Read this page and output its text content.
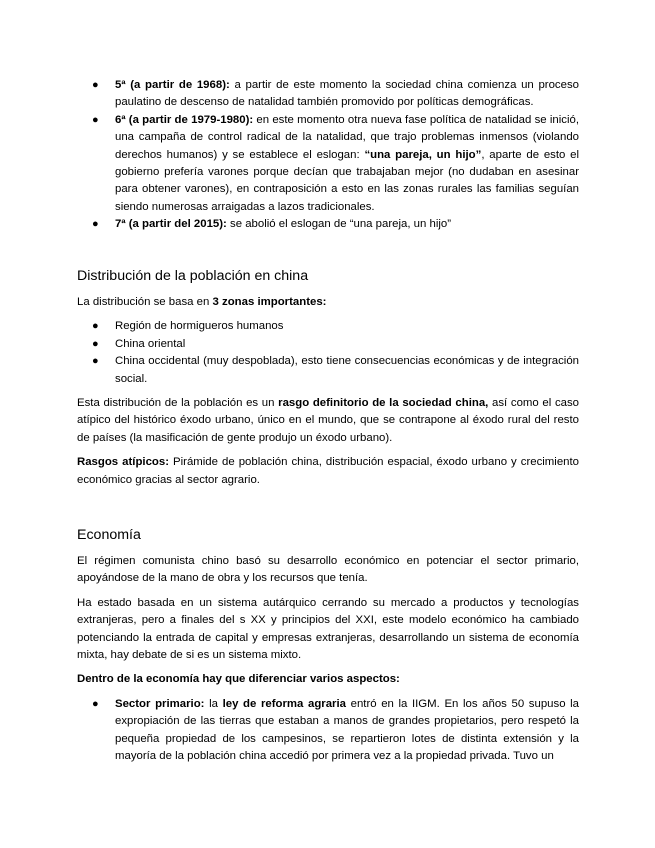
● 5ª (a partir de 1968): a partir de este momento la sociedad china comienza un proceso paulatino de descenso de natalidad también promovido por políticas demográficas.
● 6ª (a partir de 1979-1980): en este momento otra nueva fase política de natalidad se inició, una campaña de control radical de la natalidad, que trajo problemas inmensos (violando derechos humanos) y se establece el eslogan: “una pareja, un hijo”, aparte de esto el gobierno prefería varones porque decían que trabajaban mejor (no dudaban en asesinar para obtener varones), en contraposición a esto en las zonas rurales las familias seguían siendo numerosas arraigadas a lazos tradicionales.
● 7ª (a partir del 2015): se abolió el eslogan de “una pareja, un hijo”
Distribución de la población en china

La distribución se basa en 3 zonas importantes:

● Región de hormigueros humanos
● China oriental
● China occidental (muy despoblada), esto tiene consecuencias económicas y de integración social.

Esta distribución de la población es un rasgo definitorio de la sociedad china, así como el caso atípico del histórico éxodo urbano, único en el mundo, que se contrapone al éxodo rural del resto de países (la masificación de gente produjo un éxodo urbano).

Rasgos atípicos: Pirámide de población china, distribución espacial, éxodo urbano y crecimiento económico gracias al sector agrario.

Economía

El régimen comunista chino basó su desarrollo económico en potenciar el sector primario, apoyándose de la mano de obra y los recursos que tenía.

Ha estado basada en un sistema autárquico cerrando su mercado a productos y tecnologías extranjeras, pero a finales del s XX y principios del XXI, este modelo económico ha cambiado potenciando la entrada de capital y empresas extranjeras, desarrollando un sistema de economía mixta, hay debate de si es un sistema mixto.

Dentro de la economía hay que diferenciar varios aspectos:

● Sector primario: la ley de reforma agraria entró en la IIGM. En los años 50 supuso la expropiación de las tierras que estaban a manos de grandes propietarios, pero respetó la pequeña propiedad de los campesinos, se repartieron lotes de distinta extensión y la mayoría de la población china accedió por primera vez a la propiedad privada. Tuvo un
